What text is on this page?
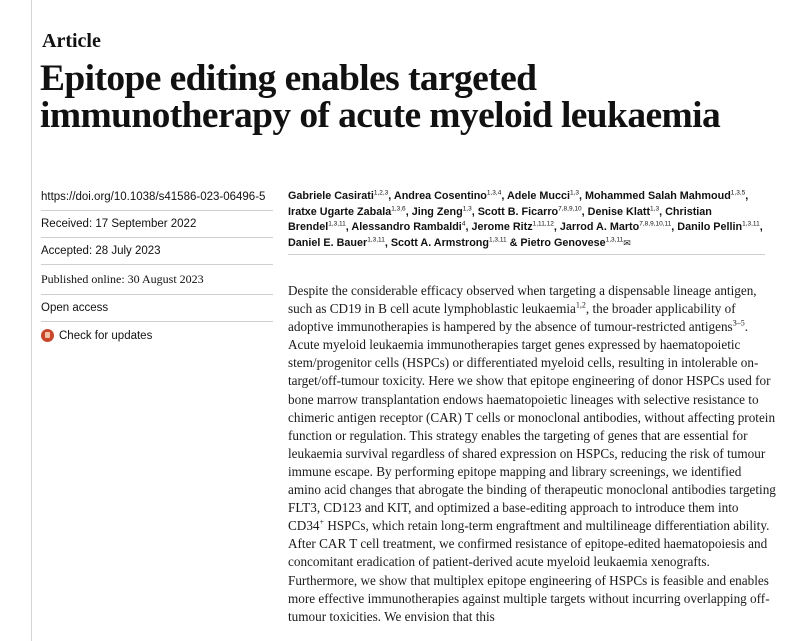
Article
Epitope editing enables targeted immunotherapy of acute myeloid leukaemia
https://doi.org/10.1038/s41586-023-06496-5
Received: 17 September 2022
Accepted: 28 July 2023
Published online: 30 August 2023
Open access
Check for updates

Gabriele Casirati$^{1,2,3}$, Andrea Cosentino$^{1,3,4}$, Adele Mucci$^{1,3}$, Mohammed Salah Mahmoud$^{1,3,5}$, Iratxe Ugarte Zabala$^{1,3,6}$, Jing Zeng$^{1,3}$, Scott B. Ficarro$^{7,8,9,10}$, Denise Klatt$^{1,3}$, Christian Brendel$^{1,3,11}$, Alessandro Rambaldi$^4$, Jerome Ritz$^{1,11,12}$, Jarrod A. Marto$^{7,8,9,10,11}$, Danilo Pellin$^{1,3,11}$, Daniel E. Bauer$^{1,3,11}$, Scott A. Armstrong$^{1,3,11}$ & Pietro Genovese$^{1,3,11}$✉

Despite the considerable efficacy observed when targeting a dispensable lineage antigen, such as CD19 in B cell acute lymphoblastic leukaemia$^{1,2}$, the broader applicability of adoptive immunotherapies is hampered by the absence of tumour-restricted antigens$^{3-5}$. Acute myeloid leukaemia immunotherapies target genes expressed by haematopoietic stem/progenitor cells (HSPCs) or differentiated myeloid cells, resulting in intolerable on-target/off-tumour toxicity. Here we show that epitope engineering of donor HSPCs used for bone marrow transplantation endows haematopoietic lineages with selective resistance to chimeric antigen receptor (CAR) T cells or monoclonal antibodies, without affecting protein function or regulation. This strategy enables the targeting of genes that are essential for leukaemia survival regardless of shared expression on HSPCs, reducing the risk of tumour immune escape. By performing epitope mapping and library screenings, we identified amino acid changes that abrogate the binding of therapeutic monoclonal antibodies targeting FLT3, CD123 and KIT, and optimized a base-editing approach to introduce them into CD34+ HSPCs, which retain long-term engraftment and multilineage differentiation ability. After CAR T cell treatment, we confirmed resistance of epitope-edited haematopoiesis and concomitant eradication of patient-derived acute myeloid leukaemia xenografts. Furthermore, we show that multiplex epitope engineering of HSPCs is feasible and enables more effective immunotherapies against multiple targets without incurring overlapping off-tumour toxicities. We envision that this
